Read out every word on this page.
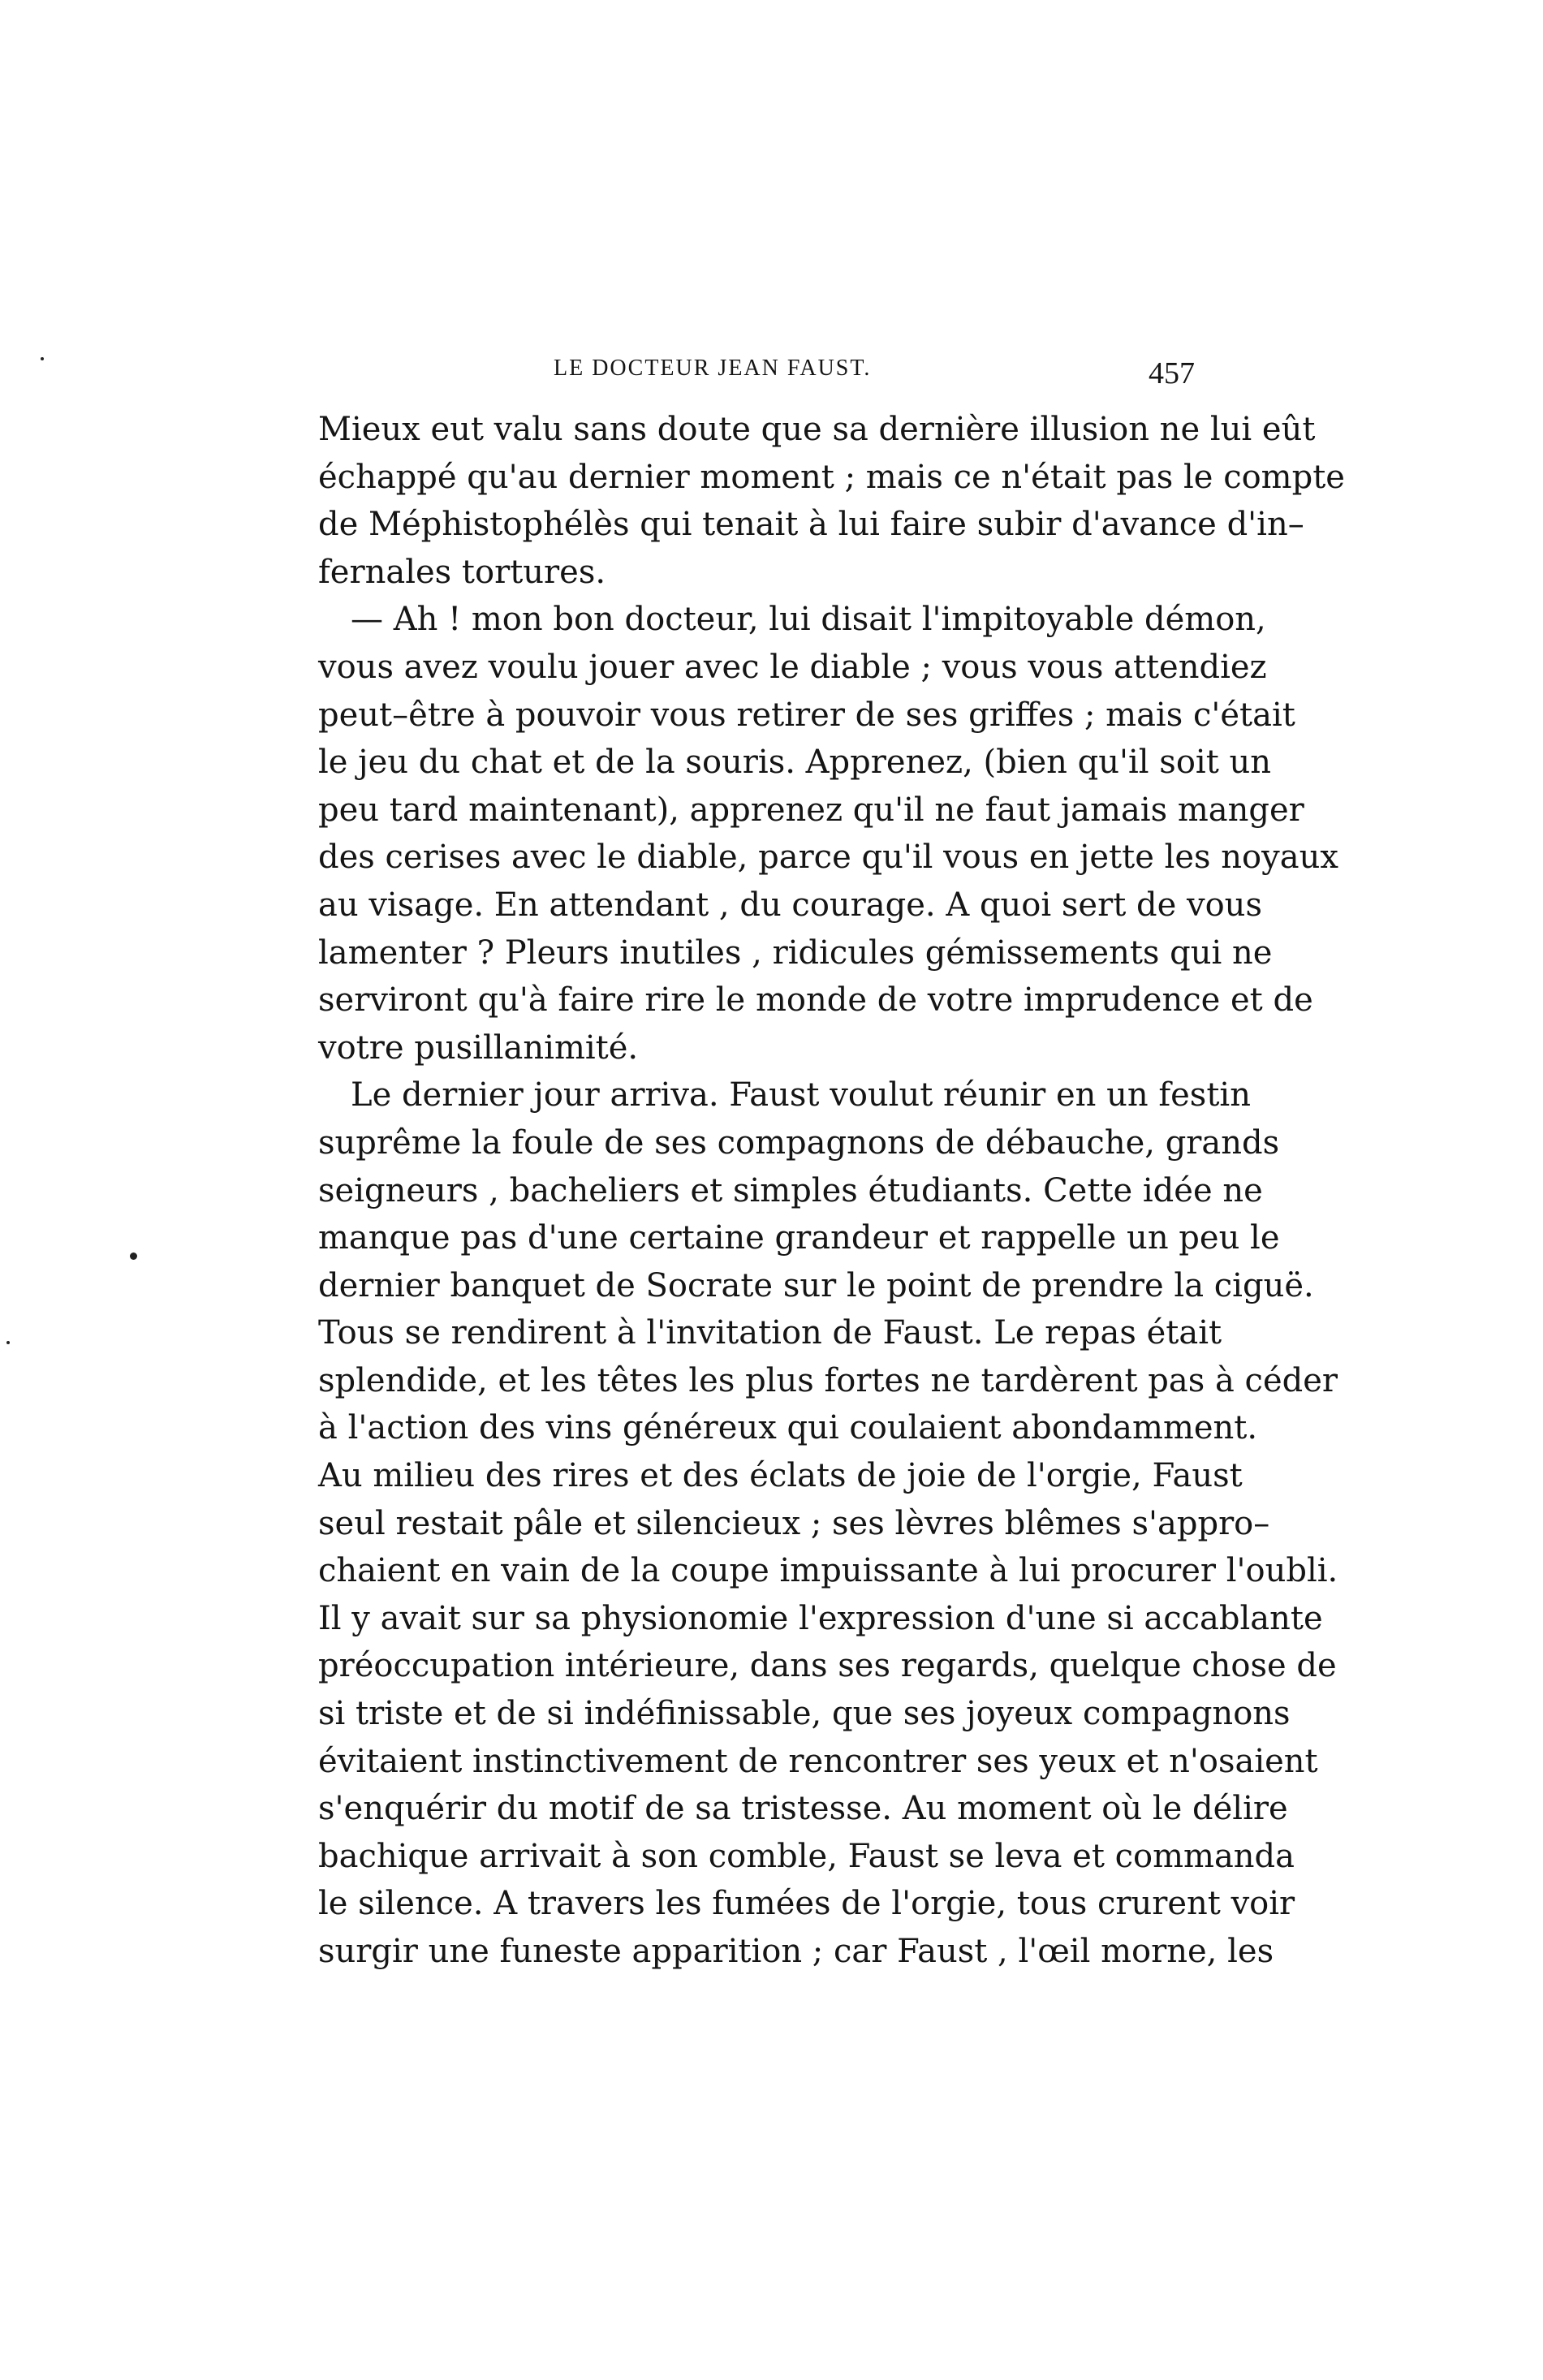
LE DOCTEUR JEAN FAUST.	457
Mieux eut valu sans doute que sa dernière illusion ne lui eût
échappé qu'au dernier moment ; mais ce n'était pas le compte
de Méphistophélès qui tenait à lui faire subir d'avance d'in–
fernales tortures.
— Ah ! mon bon docteur, lui disait l'impitoyable démon,
vous avez voulu jouer avec le diable ; vous vous attendiez
peut–être à pouvoir vous retirer de ses griffes ; mais c'était
le jeu du chat et de la souris. Apprenez, (bien qu'il soit un
peu tard maintenant), apprenez qu'il ne faut jamais manger
des cerises avec le diable, parce qu'il vous en jette les noyaux
au visage. En attendant , du courage. A quoi sert de vous
lamenter ? Pleurs inutiles , ridicules gémissements qui ne
serviront qu'à faire rire le monde de votre imprudence et de
votre pusillanimité.
Le dernier jour arriva. Faust voulut réunir en un festin
suprême la foule de ses compagnons de débauche, grands
seigneurs , bacheliers et simples étudiants. Cette idée ne
manque pas d'une certaine grandeur et rappelle un peu le
dernier banquet de Socrate sur le point de prendre la ciguë.
Tous se rendirent à l'invitation de Faust. Le repas était
splendide, et les têtes les plus fortes ne tardèrent pas à céder
à l'action des vins généreux qui coulaient abondamment.
Au milieu des rires et des éclats de joie de l'orgie, Faust
seul restait pâle et silencieux ; ses lèvres blêmes s'appro–
chaient en vain de la coupe impuissante à lui procurer l'oubli.
Il y avait sur sa physionomie l'expression d'une si accablante
préoccupation intérieure, dans ses regards, quelque chose de
si triste et de si indéfinissable, que ses joyeux compagnons
évitaient instinctivement de rencontrer ses yeux et n'osaient
s'enquérir du motif de sa tristesse. Au moment où le délire
bachique arrivait à son comble, Faust se leva et commanda
le silence. A travers les fumées de l'orgie, tous crurent voir
surgir une funeste apparition ; car Faust , l'œil morne, les
